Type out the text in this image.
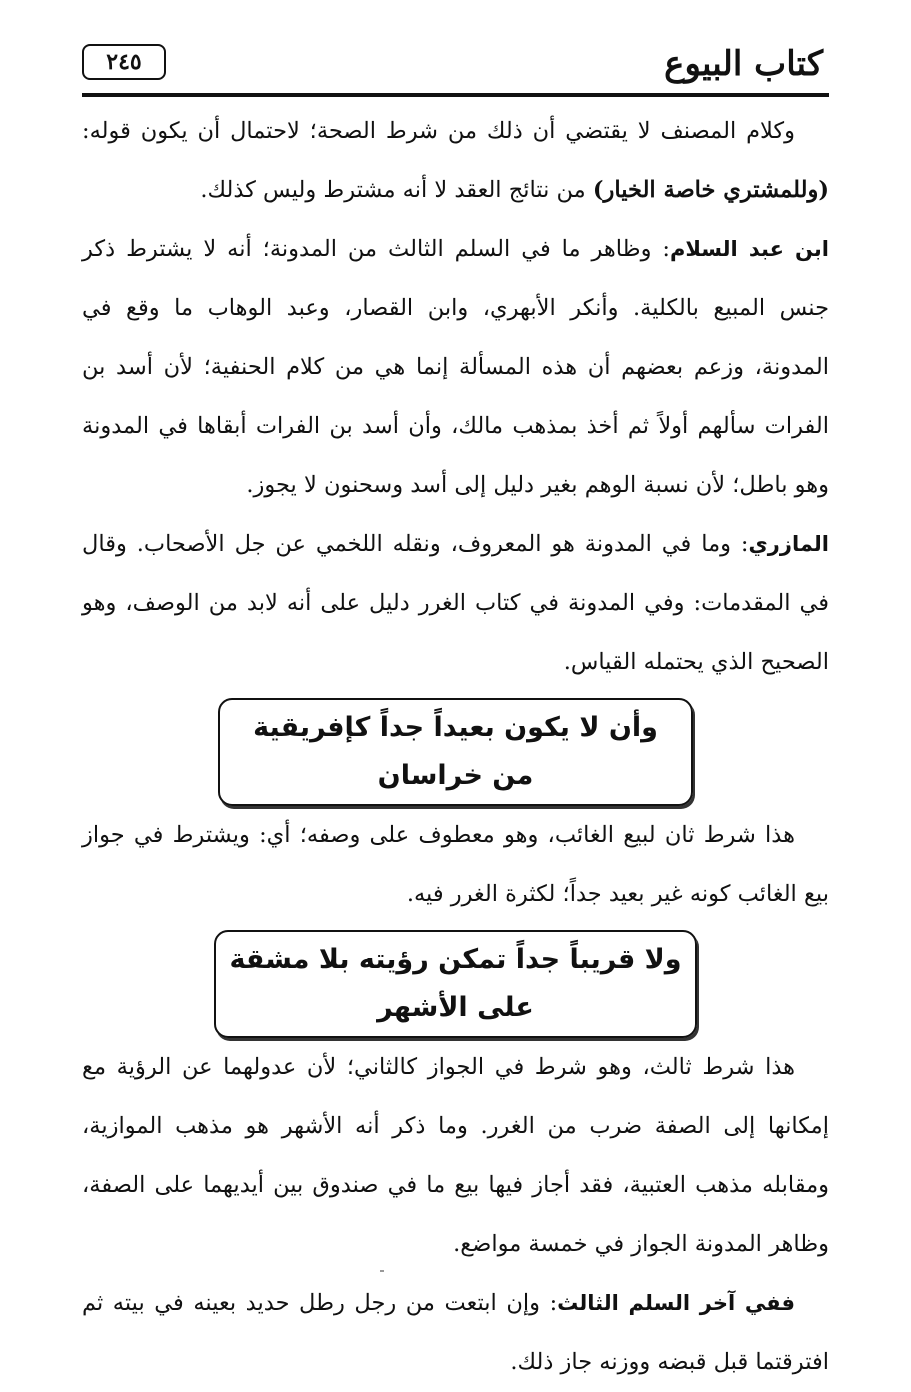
كتاب البيوع
٢٤٥

وكلام المصنف لا يقتضي أن ذلك من شرط الصحة؛ لاحتمال أن يكون قوله: (وللمشتري خاصة الخيار) من نتائج العقد لا أنه مشترط وليس كذلك.

ابن عبد السلام: وظاهر ما في السلم الثالث من المدونة؛ أنه لا يشترط ذكر جنس المبيع بالكلية. وأنكر الأبهري، وابن القصار، وعبد الوهاب ما وقع في المدونة، وزعم بعضهم أن هذه المسألة إنما هي من كلام الحنفية؛ لأن أسد بن الفرات سألهم أولاً ثم أخذ بمذهب مالك، وأن أسد بن الفرات أبقاها في المدونة وهو باطل؛ لأن نسبة الوهم بغير دليل إلى أسد وسحنون لا يجوز.

المازري: وما في المدونة هو المعروف، ونقله اللخمي عن جل الأصحاب. وقال في المقدمات: وفي المدونة في كتاب الغرر دليل على أنه لابد من الوصف، وهو الصحيح الذي يحتمله القياس.

وأن لا يكون بعيداً جداً كإفريقية من خراسان

هذا شرط ثان لبيع الغائب، وهو معطوف على وصفه؛ أي: ويشترط في جواز بيع الغائب كونه غير بعيد جداً؛ لكثرة الغرر فيه.

ولا قريباً جداً تمكن رؤيته بلا مشقة على الأشهر

هذا شرط ثالث، وهو شرط في الجواز كالثاني؛ لأن عدولهما عن الرؤية مع إمكانها إلى الصفة ضرب من الغرر. وما ذكر أنه الأشهر هو مذهب الموازية، ومقابله مذهب العتبية، فقد أجاز فيها بيع ما في صندوق بين أيديهما على الصفة، وظاهر المدونة الجواز في خمسة مواضع.

ففي آخر السلم الثالث: وإن ابتعت من رجل رطل حديد بعينه في بيته ثم افترقتما قبل قبضه ووزنه جاز ذلك.
